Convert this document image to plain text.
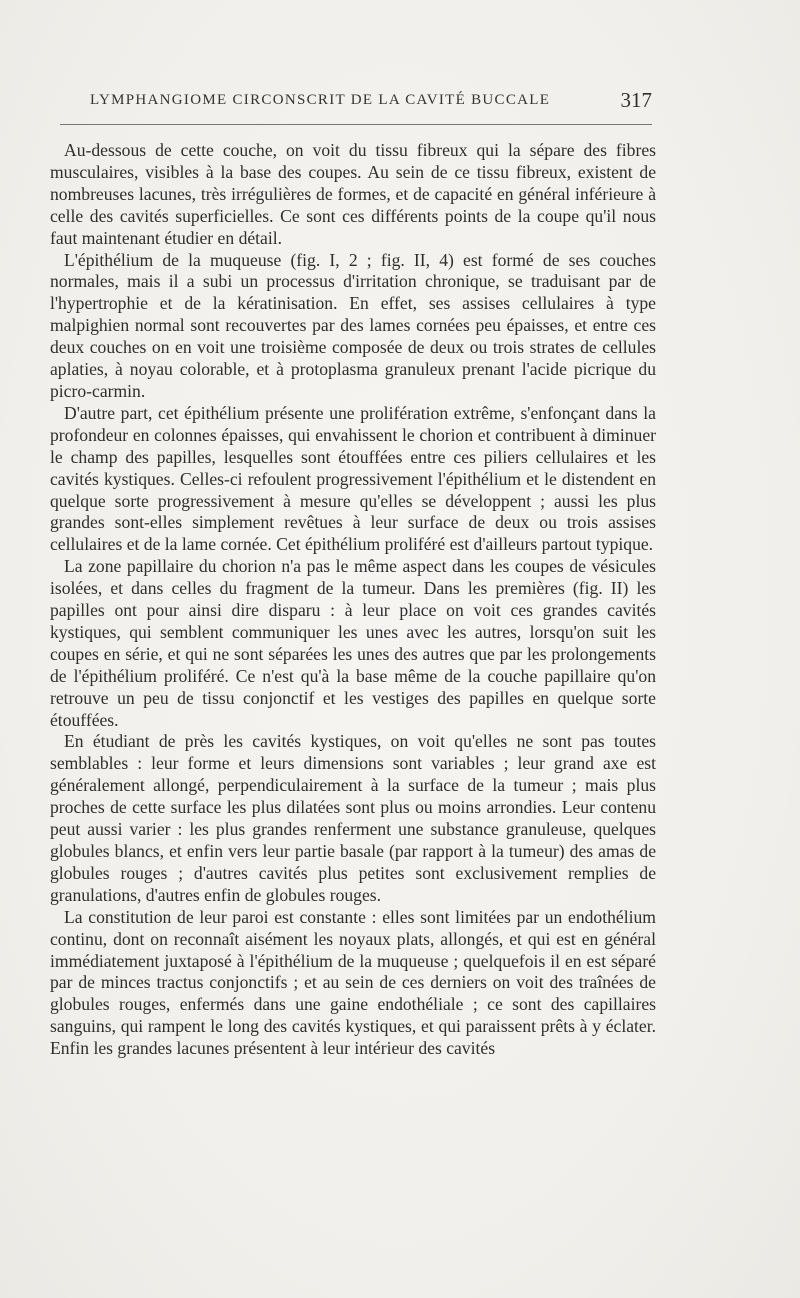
LYMPHANGIOME CIRCONSCRIT DE LA CAVITÉ BUCCALE	317

Au-dessous de cette couche, on voit du tissu fibreux qui la sépare des fibres musculaires, visibles à la base des coupes. Au sein de ce tissu fibreux, existent de nombreuses lacunes, très irrégulières de formes, et de capacité en général inférieure à celle des cavités superficielles. Ce sont ces différents points de la coupe qu'il nous faut maintenant étudier en détail.

L'épithélium de la muqueuse (fig. I, 2 ; fig. II, 4) est formé de ses couches normales, mais il a subi un processus d'irritation chronique, se traduisant par de l'hypertrophie et de la kératinisation. En effet, ses assises cellulaires à type malpighien normal sont recouvertes par des lames cornées peu épaisses, et entre ces deux couches on en voit une troisième composée de deux ou trois strates de cellules aplaties, à noyau colorable, et à protoplasma granuleux prenant l'acide picrique du picro-carmin.

D'autre part, cet épithélium présente une prolifération extrême, s'enfonçant dans la profondeur en colonnes épaisses, qui envahissent le chorion et contribuent à diminuer le champ des papilles, lesquelles sont étouffées entre ces piliers cellulaires et les cavités kystiques. Celles-ci refoulent progressivement l'épithélium et le distendent en quelque sorte progressivement à mesure qu'elles se développent ; aussi les plus grandes sont-elles simplement revêtues à leur surface de deux ou trois assises cellulaires et de la lame cornée. Cet épithélium proliféré est d'ailleurs partout typique.

La zone papillaire du chorion n'a pas le même aspect dans les coupes de vésicules isolées, et dans celles du fragment de la tumeur. Dans les premières (fig. II) les papilles ont pour ainsi dire disparu : à leur place on voit ces grandes cavités kystiques, qui semblent communiquer les unes avec les autres, lorsqu'on suit les coupes en série, et qui ne sont séparées les unes des autres que par les prolongements de l'épithélium proliféré. Ce n'est qu'à la base même de la couche papillaire qu'on retrouve un peu de tissu conjonctif et les vestiges des papilles en quelque sorte étouffées.

En étudiant de près les cavités kystiques, on voit qu'elles ne sont pas toutes semblables : leur forme et leurs dimensions sont variables ; leur grand axe est généralement allongé, perpendiculairement à la surface de la tumeur ; mais plus proches de cette surface les plus dilatées sont plus ou moins arrondies. Leur contenu peut aussi varier : les plus grandes renferment une substance granuleuse, quelques globules blancs, et enfin vers leur partie basale (par rapport à la tumeur) des amas de globules rouges ; d'autres cavités plus petites sont exclusivement remplies de granulations, d'autres enfin de globules rouges.

La constitution de leur paroi est constante : elles sont limitées par un endothélium continu, dont on reconnaît aisément les noyaux plats, allongés, et qui est en général immédiatement juxtaposé à l'épithélium de la muqueuse ; quelquefois il en est séparé par de minces tractus conjonctifs ; et au sein de ces derniers on voit des traînées de globules rouges, enfermés dans une gaine endothéliale ; ce sont des capillaires sanguins, qui rampent le long des cavités kystiques, et qui paraissent prêts à y éclater. Enfin les grandes lacunes présentent à leur intérieur des cavités
